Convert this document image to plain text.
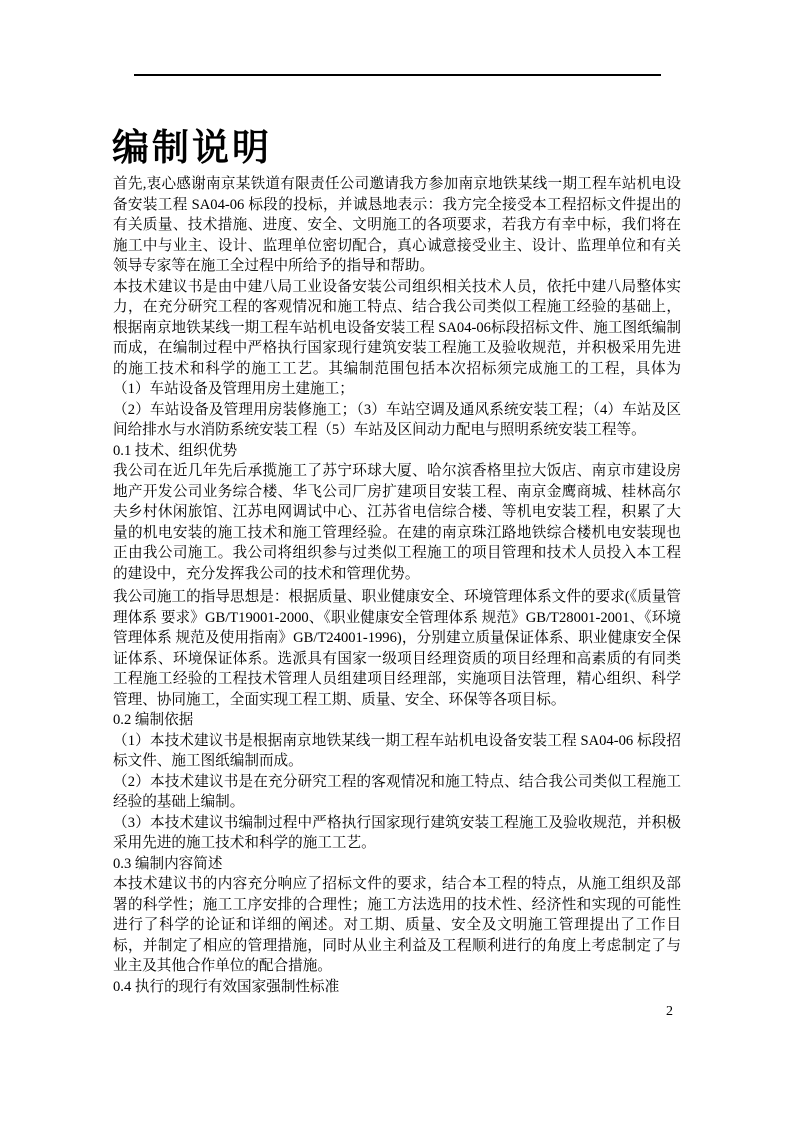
编制说明

首先,衷心感谢南京某铁道有限责任公司邀请我方参加南京地铁某线一期工程车站机电设备安装工程 SA04-06 标段的投标，并诚恳地表示：我方完全接受本工程招标文件提出的有关质量、技术措施、进度、安全、文明施工的各项要求，若我方有幸中标，我们将在施工中与业主、设计、监理单位密切配合，真心诚意接受业主、设计、监理单位和有关领导专家等在施工全过程中所给予的指导和帮助。

本技术建议书是由中建八局工业设备安装公司组织相关技术人员，依托中建八局整体实力，在充分研究工程的客观情况和施工特点、结合我公司类似工程施工经验的基础上，根据南京地铁某线一期工程车站机电设备安装工程 SA04-06标段招标文件、施工图纸编制而成，在编制过程中严格执行国家现行建筑安装工程施工及验收规范，并积极采用先进的施工技术和科学的施工工艺。其编制范围包括本次招标须完成施工的工程，具体为（1）车站设备及管理用房土建施工；

（2）车站设备及管理用房装修施工；（3）车站空调及通风系统安装工程；（4）车站及区间给排水与水消防系统安装工程（5）车站及区间动力配电与照明系统安装工程等。

0.1 技术、组织优势

我公司在近几年先后承揽施工了苏宁环球大厦、哈尔滨香格里拉大饭店、南京市建设房地产开发公司业务综合楼、华飞公司厂房扩建项目安装工程、南京金鹰商城、桂林高尔夫乡村休闲旅馆、江苏电网调试中心、江苏省电信综合楼、等机电安装工程，积累了大量的机电安装的施工技术和施工管理经验。在建的南京珠江路地铁综合楼机电安装现也正由我公司施工。我公司将组织参与过类似工程施工的项目管理和技术人员投入本工程的建设中，充分发挥我公司的技术和管理优势。

我公司施工的指导思想是：根据质量、职业健康安全、环境管理体系文件的要求(《质量管理体系 要求》GB/T19001-2000、《职业健康安全管理体系 规范》GB/T28001-2001、《环境管理体系 规范及使用指南》GB/T24001-1996)，分别建立质量保证体系、职业健康安全保证体系、环境保证体系。选派具有国家一级项目经理资质的项目经理和高素质的有同类工程施工经验的工程技术管理人员组建项目经理部，实施项目法管理，精心组织、科学管理、协同施工，全面实现工程工期、质量、安全、环保等各项目标。

0.2 编制依据

（1）本技术建议书是根据南京地铁某线一期工程车站机电设备安装工程 SA04-06 标段招标文件、施工图纸编制而成。

（2）本技术建议书是在充分研究工程的客观情况和施工特点、结合我公司类似工程施工经验的基础上编制。

（3）本技术建议书编制过程中严格执行国家现行建筑安装工程施工及验收规范，并积极采用先进的施工技术和科学的施工工艺。

0.3 编制内容简述

本技术建议书的内容充分响应了招标文件的要求，结合本工程的特点，从施工组织及部署的科学性；施工工序安排的合理性；施工方法选用的技术性、经济性和实现的可能性进行了科学的论证和详细的阐述。对工期、质量、安全及文明施工管理提出了工作目标，并制定了相应的管理措施，同时从业主利益及工程顺利进行的角度上考虑制定了与业主及其他合作单位的配合措施。

0.4 执行的现行有效国家强制性标准

2
